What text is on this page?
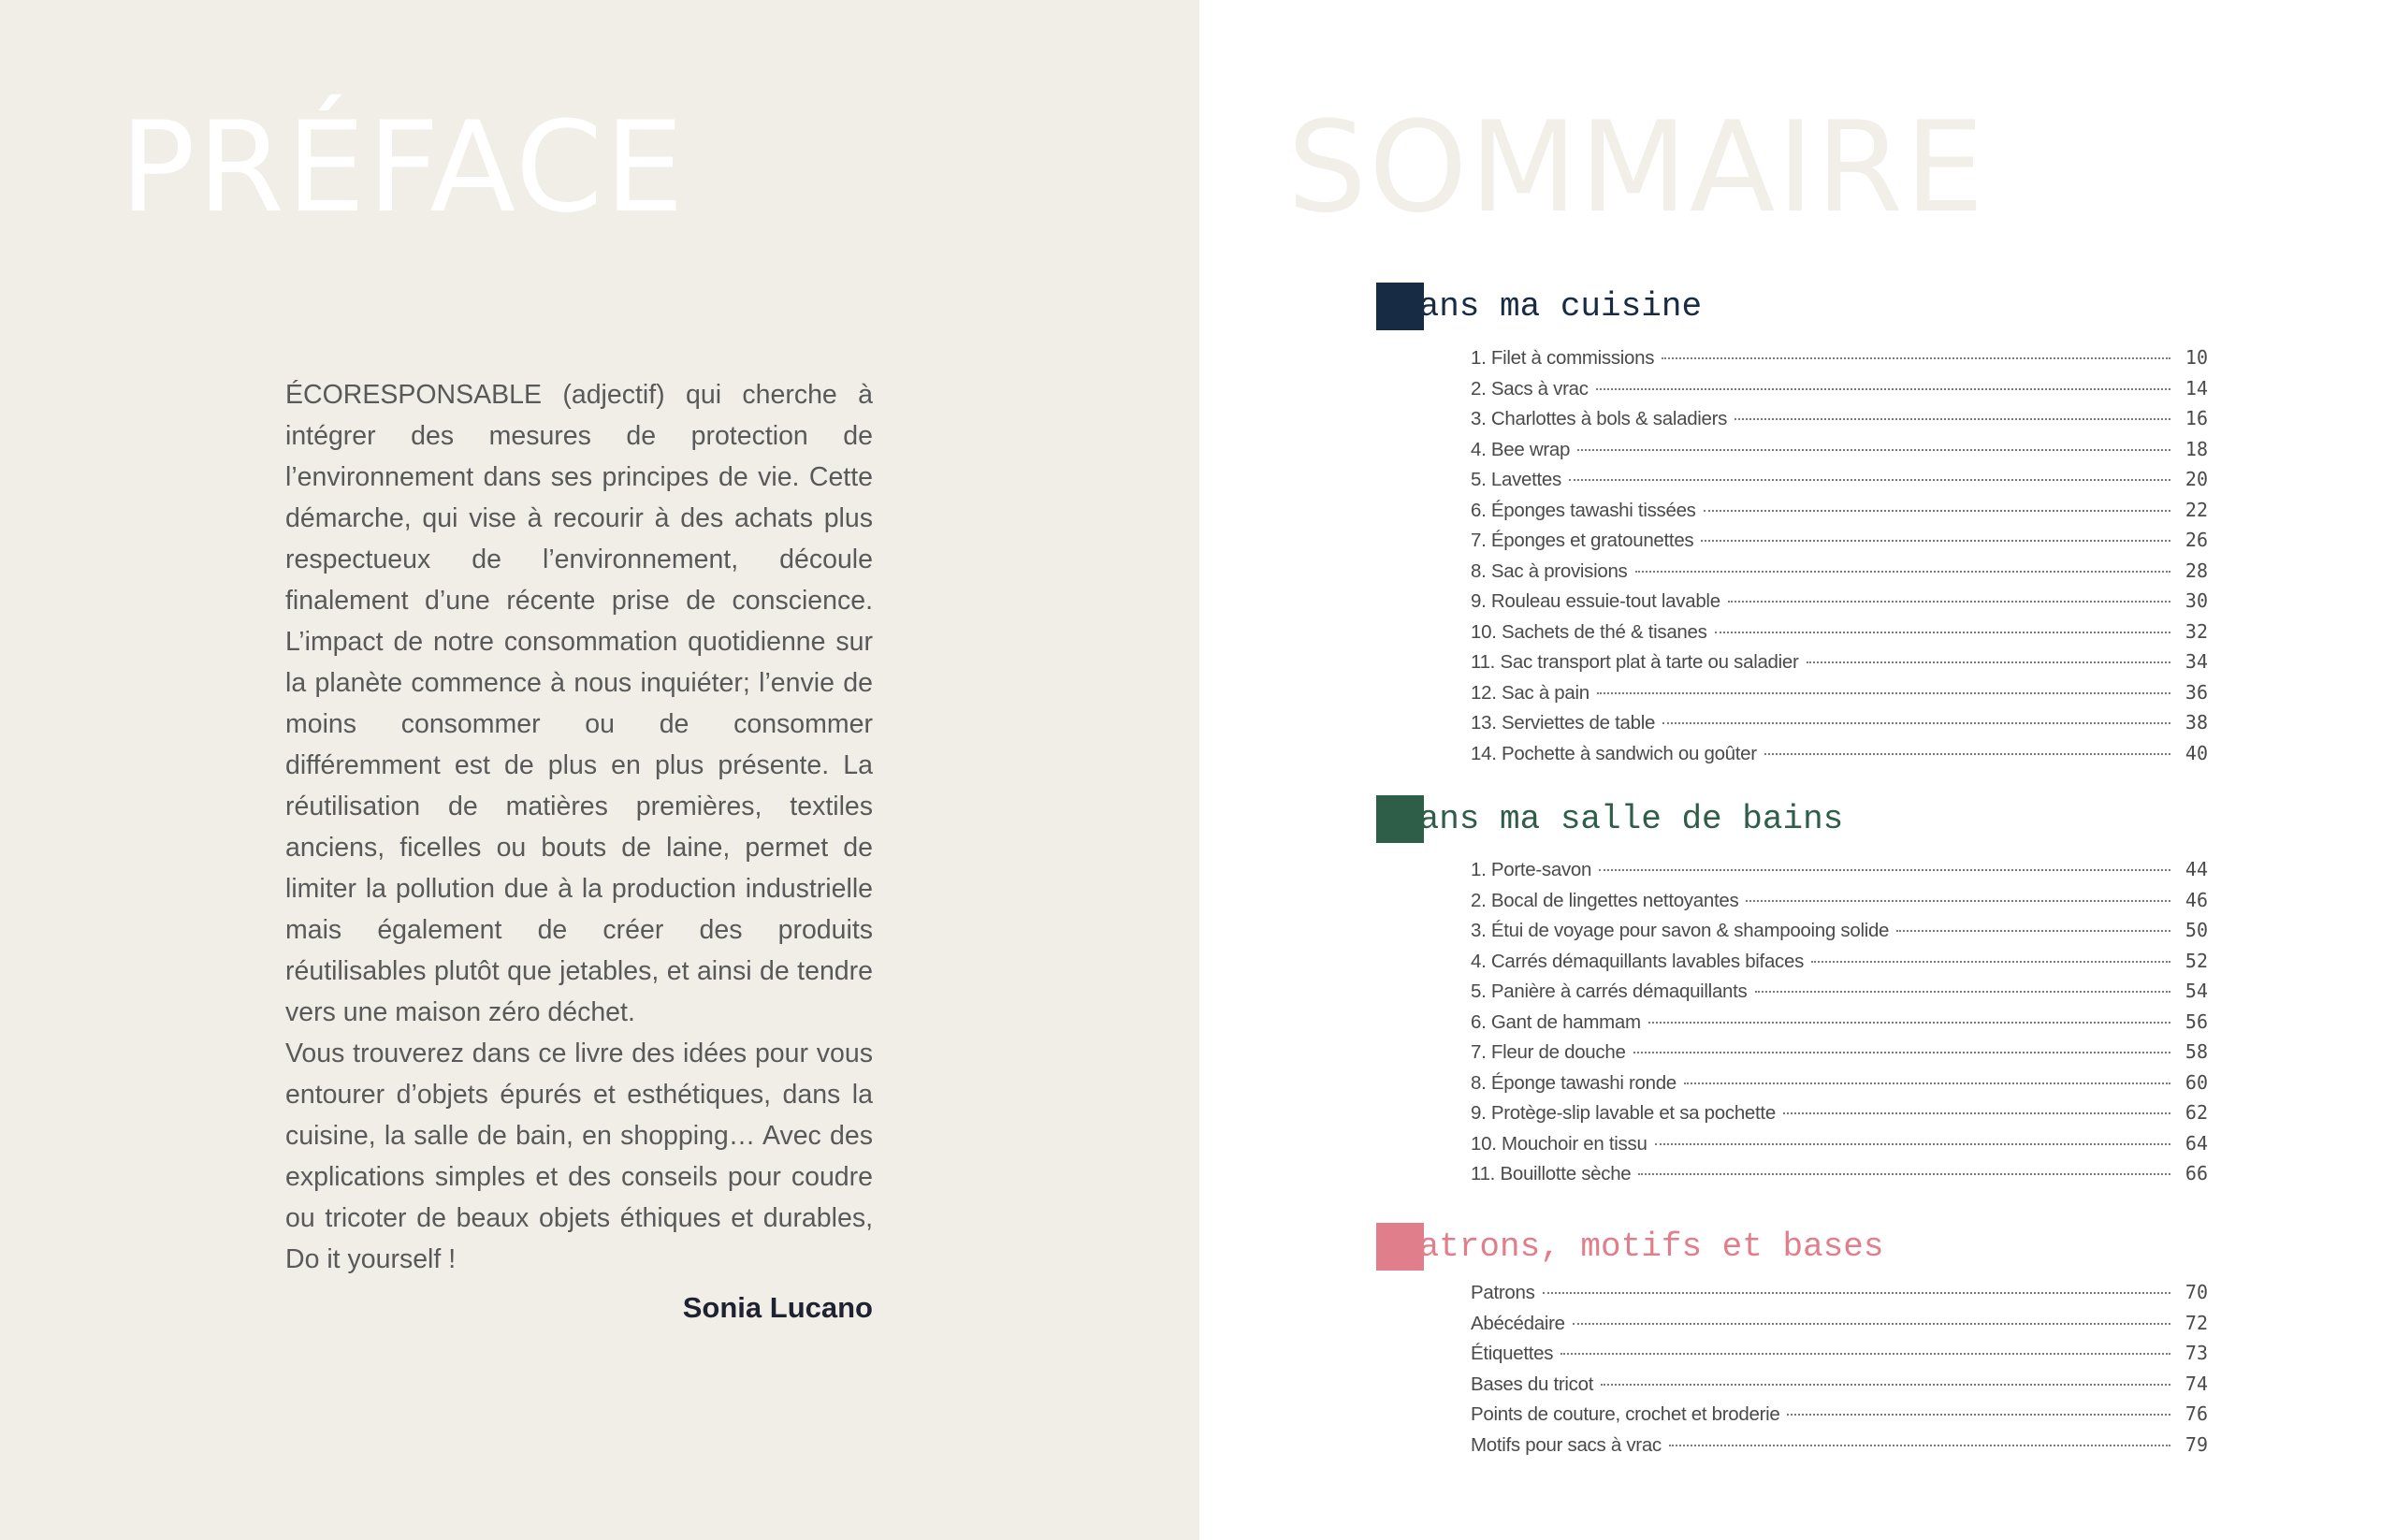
PRÉFACE

ÉCORESPONSABLE (adjectif) qui cherche à intégrer des mesures de protection de l’environnement dans ses principes de vie. Cette démarche, qui vise à recourir à des achats plus respectueux de l’environnement, découle finalement d’une récente prise de conscience. L’impact de notre consommation quotidienne sur la planète commence à nous inquiéter; l’envie de moins consommer ou de consommer différemment est de plus en plus présente. La réutilisation de matières premières, textiles anciens, ficelles ou bouts de laine, permet de limiter la pollution due à la production industrielle mais également de créer des produits réutilisables plutôt que jetables, et ainsi de tendre vers une maison zéro déchet.

Vous trouverez dans ce livre des idées pour vous entourer d’objets épurés et esthétiques, dans la cuisine, la salle de bain, en shopping… Avec des explications simples et des conseils pour coudre ou tricoter de beaux objets éthiques et durables, Do it yourself !

Sonia Lucano
SOMMAIRE
Dans ma cuisine
1. Filet à commissions	10
2. Sacs à vrac	14
3. Charlottes à bols & saladiers	16
4. Bee wrap	18
5. Lavettes	20
6. Éponges tawashi tissées	22
7. Éponges et gratounettes	26
8. Sac à provisions	28
9. Rouleau essuie-tout lavable	30
10. Sachets de thé & tisanes	32
11. Sac transport plat à tarte ou saladier	34
12. Sac à pain	36
13. Serviettes de table	38
14. Pochette à sandwich ou goûter	40
Dans ma salle de bains
1. Porte-savon	44
2. Bocal de lingettes nettoyantes	46
3. Étui de voyage pour savon & shampooing solide	50
4. Carrés démaquillants lavables bifaces	52
5. Panière à carrés démaquillants	54
6. Gant de hammam	56
7. Fleur de douche	58
8. Éponge tawashi ronde	60
9. Protège-slip lavable et sa pochette	62
10. Mouchoir en tissu	64
11. Bouillotte sèche	66
Patrons, motifs et bases
Patrons	70
Abécédaire	72
Étiquettes	73
Bases du tricot	74
Points de couture, crochet et broderie	76
Motifs pour sacs à vrac	79
